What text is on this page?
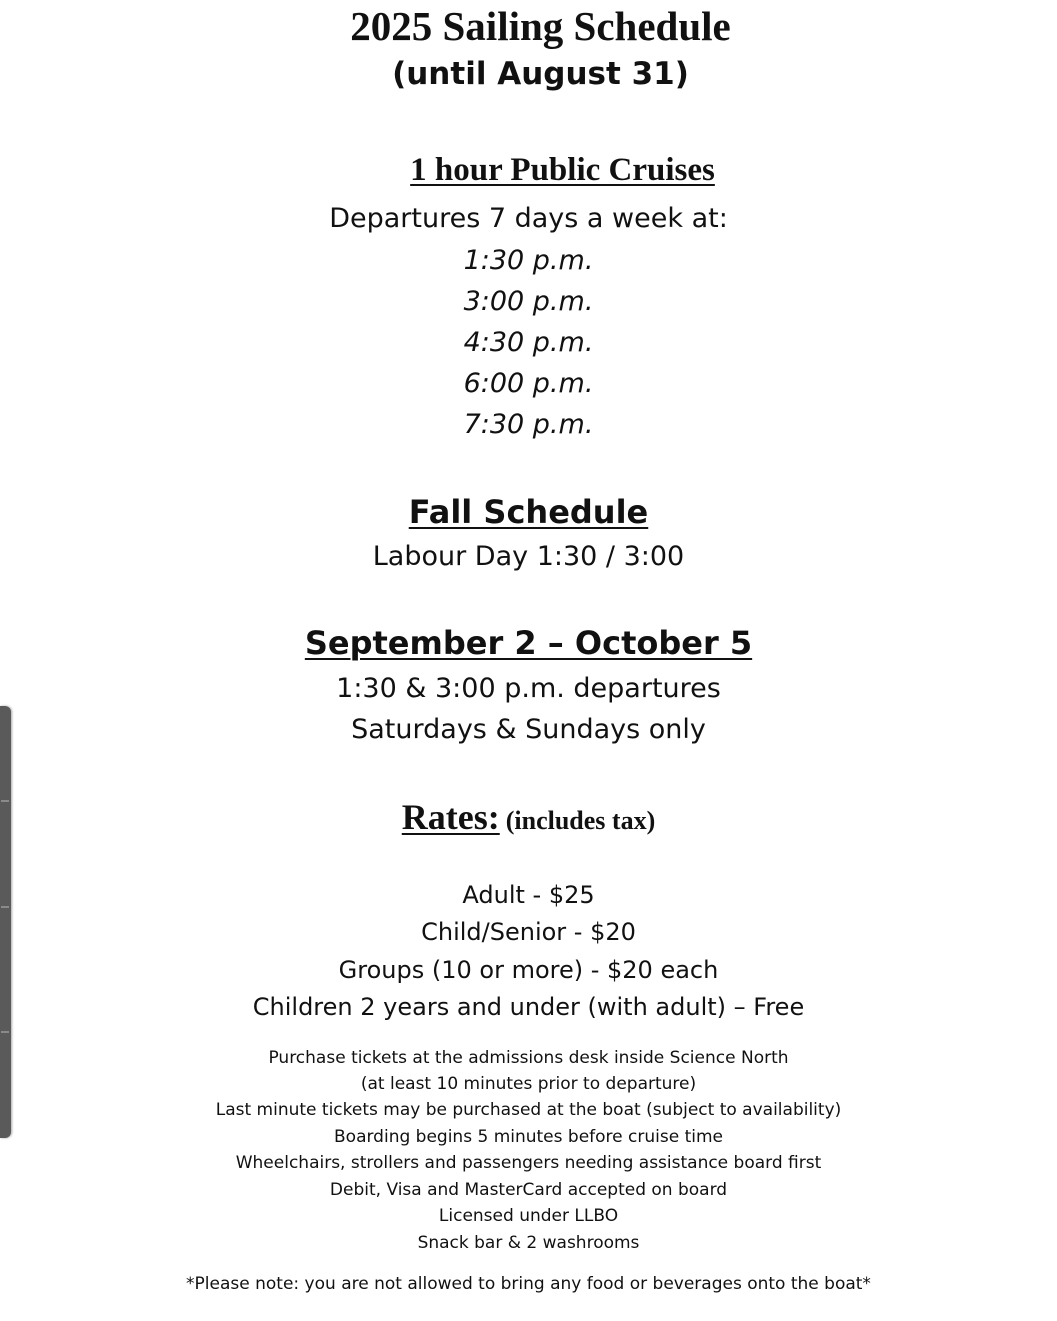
2025 Sailing Schedule
(until August 31)
1 hour Public Cruises
Departures 7 days a week at:
1:30 p.m.
3:00 p.m.
4:30 p.m.
6:00 p.m.
7:30 p.m.
Fall Schedule
Labour Day 1:30 / 3:00
September 2 – October 5
1:30 & 3:00 p.m. departures
Saturdays & Sundays only
Rates: (includes tax)
Adult - $25
Child/Senior - $20
Groups (10 or more) - $20 each
Children 2 years and under (with adult) – Free
Purchase tickets at the admissions desk inside Science North
(at least 10 minutes prior to departure)
Last minute tickets may be purchased at the boat (subject to availability)
Boarding begins 5 minutes before cruise time
Wheelchairs, strollers and passengers needing assistance board first
Debit, Visa and MasterCard accepted on board
Licensed under LLBO
Snack bar & 2 washrooms
*Please note: you are not allowed to bring any food or beverages onto the boat*
